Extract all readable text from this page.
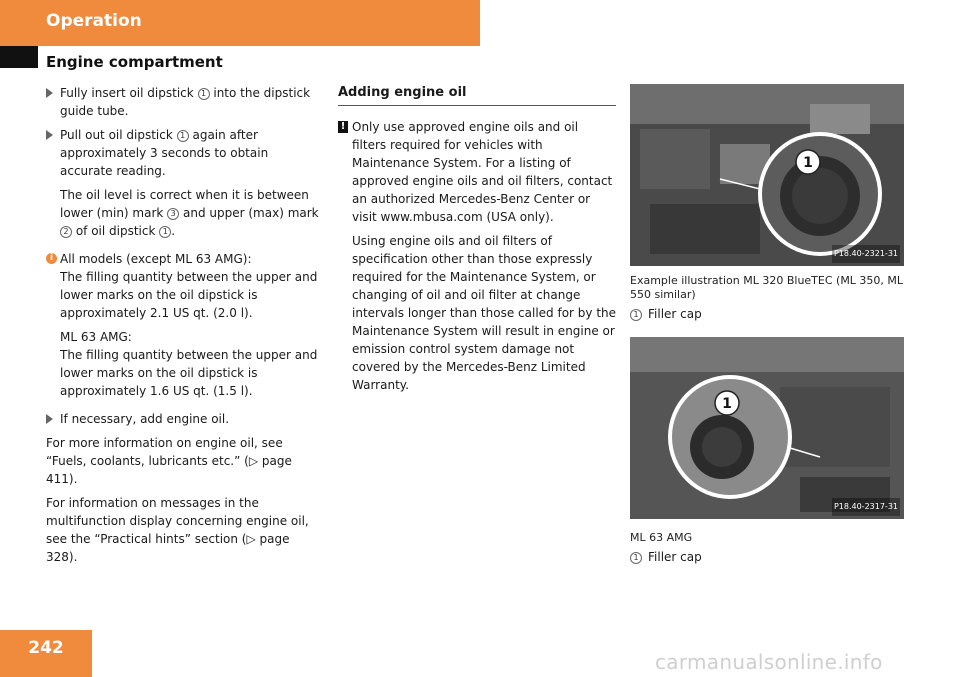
Operation
Engine compartment
Fully insert oil dipstick 1 into the dipstick guide tube.
Pull out oil dipstick 1 again after approximately 3 seconds to obtain accurate reading.
The oil level is correct when it is between lower (min) mark 3 and upper (max) mark 2 of oil dipstick 1 .
i All models (except ML 63 AMG):
The filling quantity between the upper and lower marks on the oil dipstick is approximately 2.1 US qt. (2.0 l).
ML 63 AMG:
The filling quantity between the upper and lower marks on the oil dipstick is approximately 1.6 US qt. (1.5 l).
If necessary, add engine oil.
For more information on engine oil, see “Fuels, coolants, lubricants etc.” (▷ page 411).
For information on messages in the multifunction display concerning engine oil, see the “Practical hints” section (▷ page 328).
Adding engine oil
! Only use approved engine oils and oil filters required for vehicles with Maintenance System. For a listing of approved engine oils and oil filters, contact an authorized Mercedes-Benz Center or visit www.mbusa.com (USA only).
Using engine oils and oil filters of specification other than those expressly required for the Maintenance System, or changing of oil and oil filter at change intervals longer than those called for by the Maintenance System will result in engine or emission control system damage not covered by the Mercedes-Benz Limited Warranty.
1
P18.40-2321-31
Example illustration ML 320 BlueTEC (ML 350, ML 550 similar)
1 Filler cap
1
P18.40-2317-31
ML 63 AMG
1 Filler cap
242
carmanualsonline.info
